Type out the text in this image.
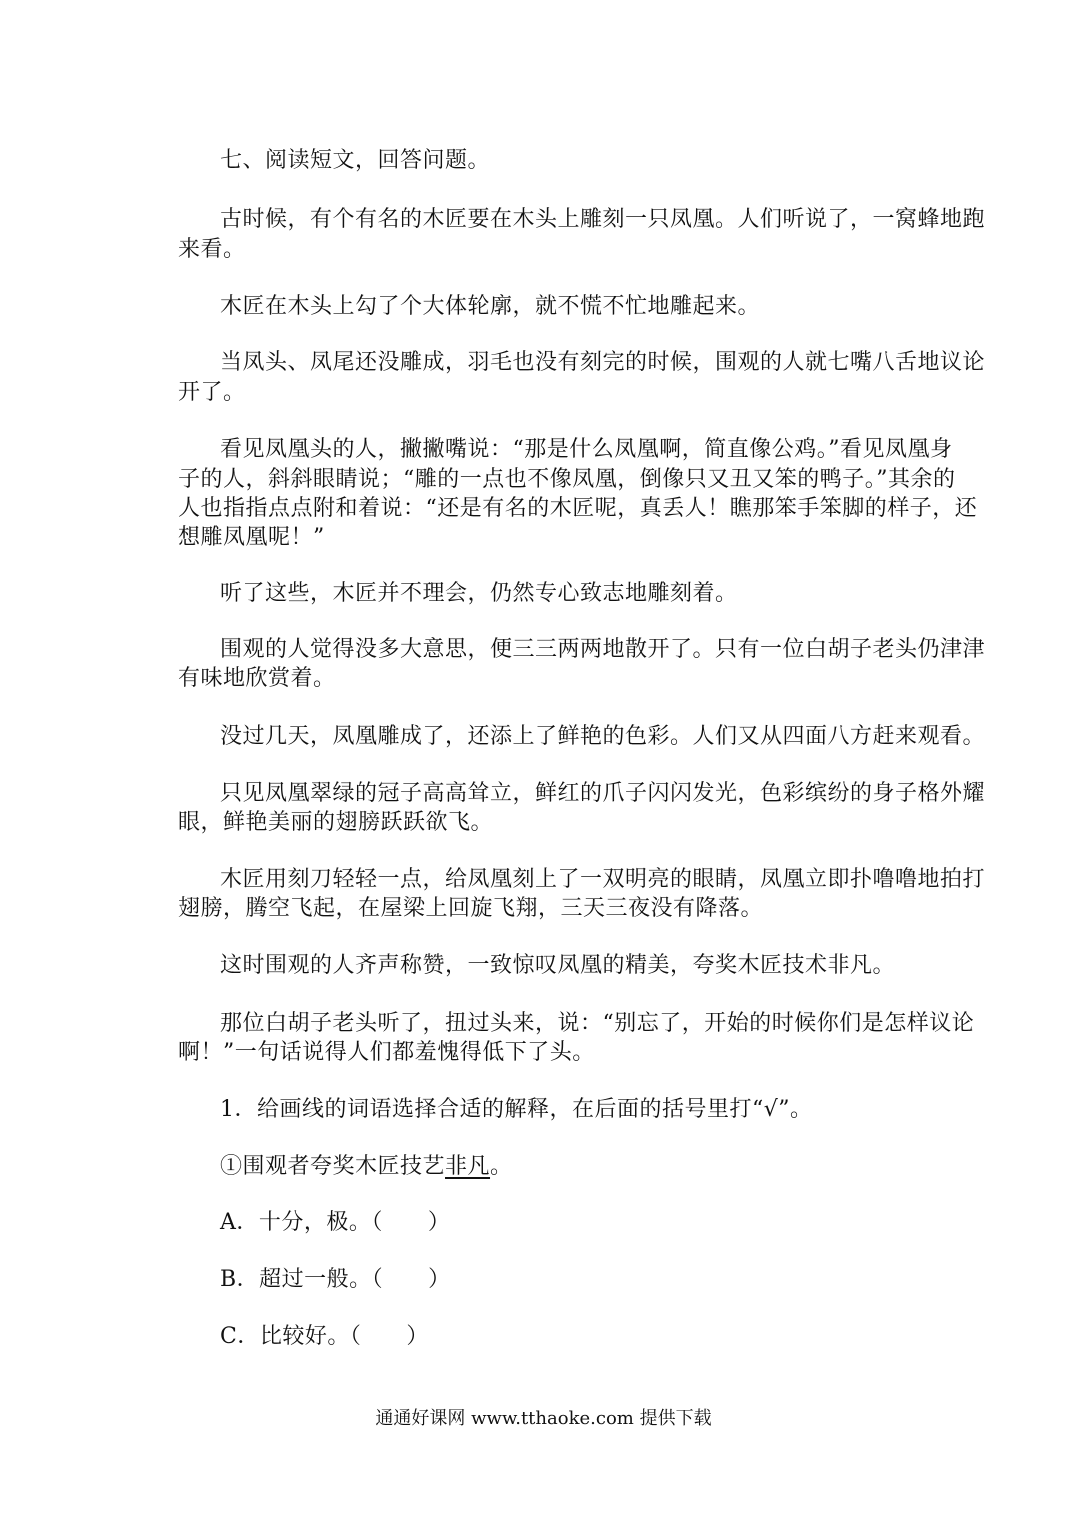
七、阅读短文，回答问题。
古时候，有个有名的木匠要在木头上雕刻一只凤凰。人们听说了，一窝蜂地跑
来看。
木匠在木头上勾了个大体轮廓，就不慌不忙地雕起来。
当凤头、凤尾还没雕成，羽毛也没有刻完的时候，围观的人就七嘴八舌地议论
开了。
看见凤凰头的人，撇撇嘴说：“那是什么凤凰啊，简直像公鸡。”看见凤凰身
子的人，斜斜眼睛说；“雕的一点也不像凤凰，倒像只又丑又笨的鸭子。”其余的
人也指指点点附和着说：“还是有名的木匠呢，真丢人！瞧那笨手笨脚的样子，还
想雕凤凰呢！”
听了这些，木匠并不理会，仍然专心致志地雕刻着。
围观的人觉得没多大意思，便三三两两地散开了。只有一位白胡子老头仍津津
有味地欣赏着。
没过几天，凤凰雕成了，还添上了鲜艳的色彩。人们又从四面八方赶来观看。
只见凤凰翠绿的冠子高高耸立，鲜红的爪子闪闪发光，色彩缤纷的身子格外耀
眼，鲜艳美丽的翅膀跃跃欲飞。
木匠用刻刀轻轻一点，给凤凰刻上了一双明亮的眼睛，凤凰立即扑噜噜地拍打
翅膀，腾空飞起，在屋梁上回旋飞翔，三天三夜没有降落。
这时围观的人齐声称赞，一致惊叹凤凰的精美，夸奖木匠技术非凡。
那位白胡子老头听了，扭过头来，说：“别忘了，开始的时候你们是怎样议论
啊！”一句话说得人们都羞愧得低下了头。
1．给画线的词语选择合适的解释，在后面的括号里打“√”。
①围观者夸奖木匠技艺非凡。
A．十分，极。（　　）
B．超过一般。（　　）
C．比较好。（　　）
通通好课网 www.tthaoke.com 提供下载
